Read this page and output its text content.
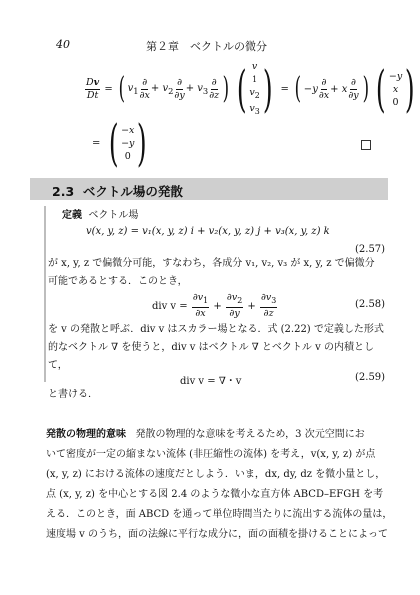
40	第２章　ベクトルの微分
$\frac{Dv}{Dt}$ = ( $v_1 \frac{\partial}{\partial x} + v_2 \frac{\partial}{\partial y} + v_3 \frac{\partial}{\partial z}$ ) ( v
1
$v_2$
$v_3$ ) = ( $-y \frac{\partial}{\partial x} + x \frac{\partial}{\partial y}$ ) ( −y
x
0 )
= ( −x
−y
0 )
2.3 ベクトル場の発散
定義 ベクトル場
v(x, y, z) = v₁(x, y, z) i + v₂(x, y, z) j + v₃(x, y, z) k
(2.57)
が x, y, z で偏微分可能，すなわち，各成分 v₁, v₂, v₃ が x, y, z で偏微分
可能であるとする．このとき，
div v =
$\frac{\partial v_1}{\partial x} + \frac{\partial v_2}{\partial y} + \frac{\partial v_3}{\partial z}$	(2.58)
を v の発散と呼ぶ．div v はスカラー場となる．式 (2.22) で定義した形式
的なベクトル ∇ を使うと，div v はベクトル ∇ とベクトル v の内積とし
て，
div v = ∇・v	(2.59)
と書ける．
発散の物理的意味 発散の物理的な意味を考えるため，3 次元空間にお
いて密度が一定の縮まない流体 (非圧縮性の流体) を考え，v(x, y, z) が点
(x, y, z) における流体の速度だとしよう．いま，dx, dy, dz を微小量とし，
点 (x, y, z) を中心とする図 2.4 のような微小な直方体 ABCD–EFGH を考
える．このとき，面 ABCD を通って単位時間当たりに流出する流体の量は，
速度場 v のうち，面の法線に平行な成分に，面の面積を掛けることによって
